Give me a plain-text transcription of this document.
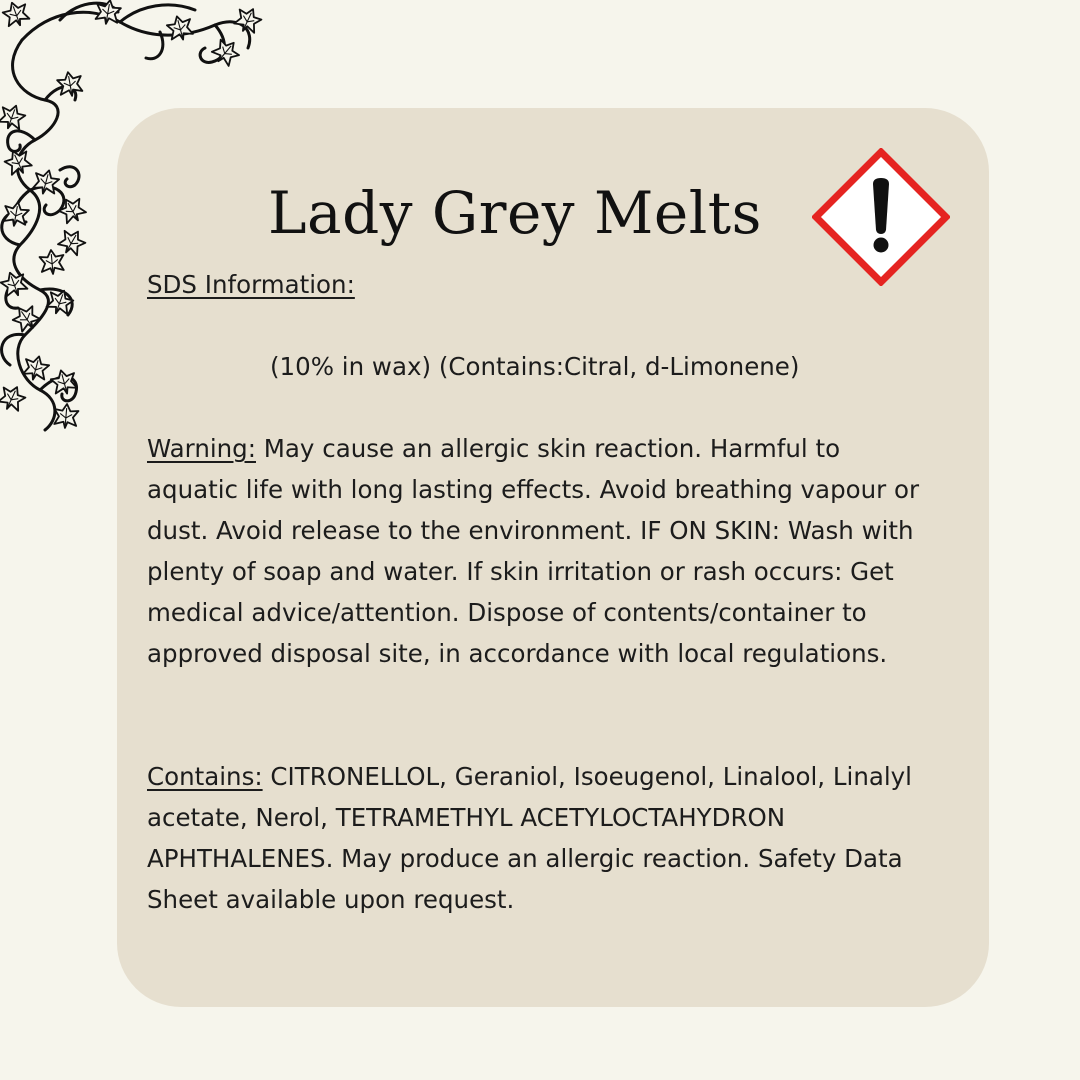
Lady Grey Melts

SDS Information:

(10% in wax) (Contains:Citral, d-Limonene)

Warning: May cause an allergic skin reaction. Harmful to aquatic life with long lasting effects. Avoid breathing vapour or dust. Avoid release to the environment. IF ON SKIN: Wash with plenty of soap and water. If skin irritation or rash occurs: Get medical advice/attention. Dispose of contents/container to approved disposal site, in accordance with local regulations.

Contains: CITRONELLOL, Geraniol, Isoeugenol, Linalool, Linalyl acetate, Nerol, TETRAMETHYL ACETYLOCTAHYDRON APHTHALENES. May produce an allergic reaction. Safety Data Sheet available upon request.
